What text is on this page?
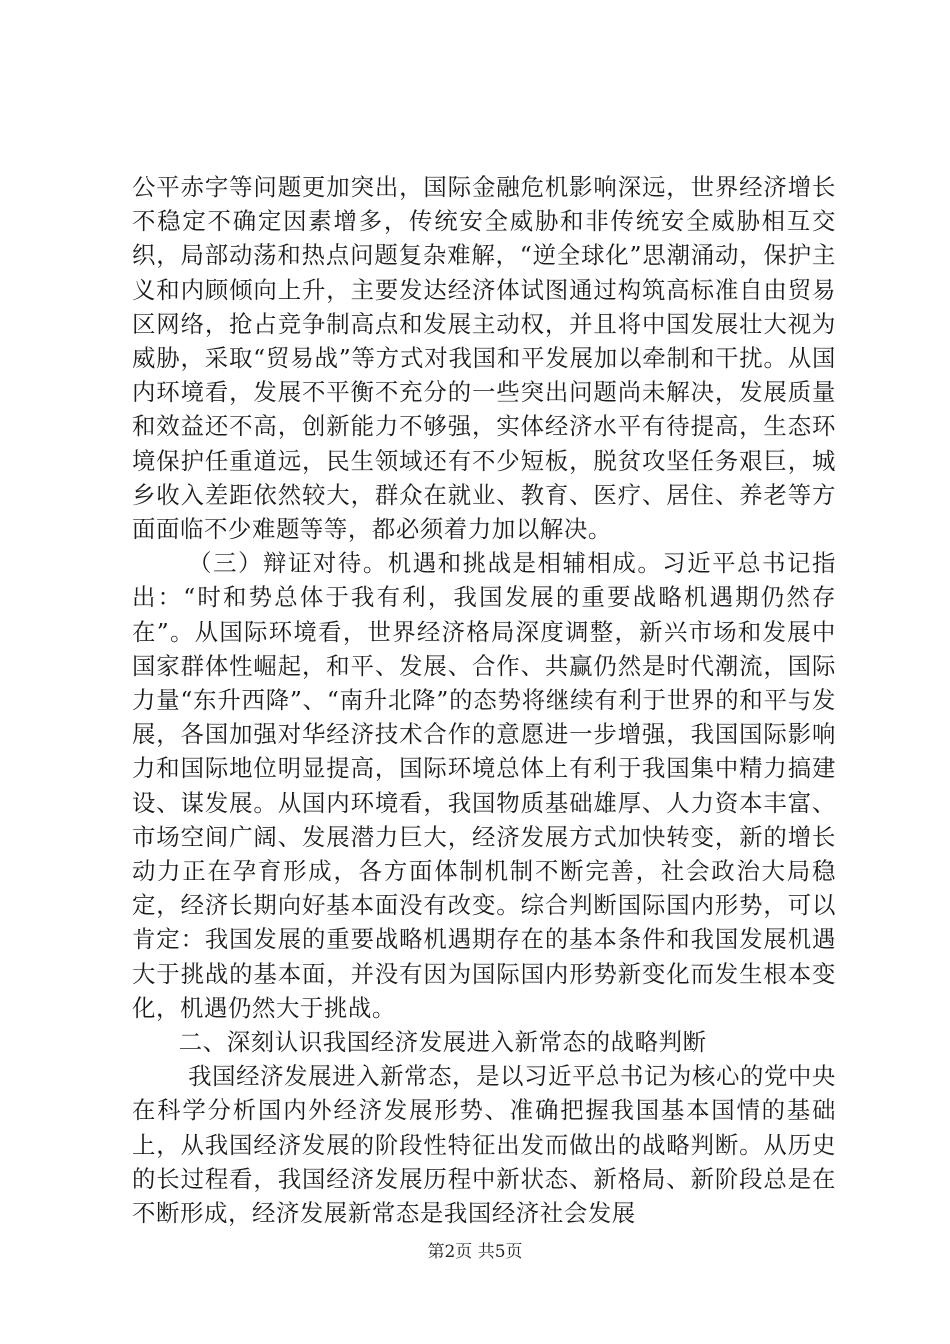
公平赤字等问题更加突出，国际金融危机影响深远，世界经济增长不稳定不确定因素增多，传统安全威胁和非传统安全威胁相互交织，局部动荡和热点问题复杂难解，“逆全球化”思潮涌动，保护主义和内顾倾向上升，主要发达经济体试图通过构筑高标准自由贸易区网络，抢占竞争制高点和发展主动权，并且将中国发展壮大视为威胁，采取“贸易战”等方式对我国和平发展加以牵制和干扰。从国内环境看，发展不平衡不充分的一些突出问题尚未解决，发展质量和效益还不高，创新能力不够强，实体经济水平有待提高，生态环境保护任重道远，民生领域还有不少短板，脱贫攻坚任务艰巨，城乡收入差距依然较大，群众在就业、教育、医疗、居住、养老等方面面临不少难题等等，都必须着力加以解决。

（三）辩证对待。机遇和挑战是相辅相成。习近平总书记指出：“时和势总体于我有利，我国发展的重要战略机遇期仍然存在”。从国际环境看，世界经济格局深度调整，新兴市场和发展中国家群体性崛起，和平、发展、合作、共赢仍然是时代潮流，国际力量“东升西降”、“南升北降”的态势将继续有利于世界的和平与发展，各国加强对华经济技术合作的意愿进一步增强，我国国际影响力和国际地位明显提高，国际环境总体上有利于我国集中精力搞建设、谋发展。从国内环境看，我国物质基础雄厚、人力资本丰富、市场空间广阔、发展潜力巨大，经济发展方式加快转变，新的增长动力正在孕育形成，各方面体制机制不断完善，社会政治大局稳定，经济长期向好基本面没有改变。综合判断国际国内形势，可以肯定：我国发展的重要战略机遇期存在的基本条件和我国发展机遇大于挑战的基本面，并没有因为国际国内形势新变化而发生根本变化，机遇仍然大于挑战。

二、深刻认识我国经济发展进入新常态的战略判断

我国经济发展进入新常态，是以习近平总书记为核心的党中央在科学分析国内外经济发展形势、准确把握我国基本国情的基础上，从我国经济发展的阶段性特征出发而做出的战略判断。从历史的长过程看，我国经济发展历程中新状态、新格局、新阶段总是在不断形成，经济发展新常态是我国经济社会发展

第2页 共5页
